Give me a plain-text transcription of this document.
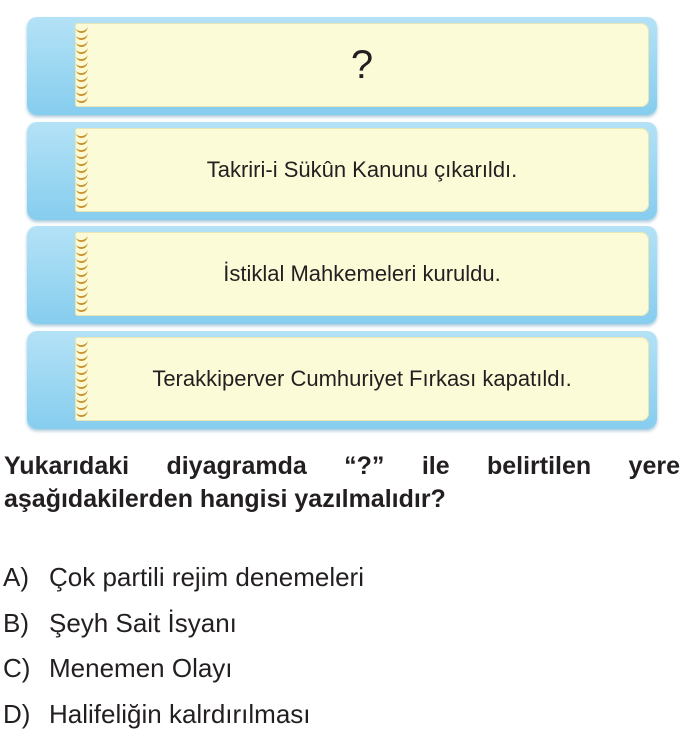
?
Takriri-i Sükûn Kanunu çıkarıldı.
İstiklal Mahkemeleri kuruldu.
Terakkiperver Cumhuriyet Fırkası kapatıldı.
Yukarıdaki diyagramda “?” ile belirtilen yere aşağıdakilerden hangisi yazılmalıdır?
A) Çok partili rejim denemeleri
B) Şeyh Sait İsyanı
C) Menemen Olayı
D) Halifeliğin kalrdırılması
